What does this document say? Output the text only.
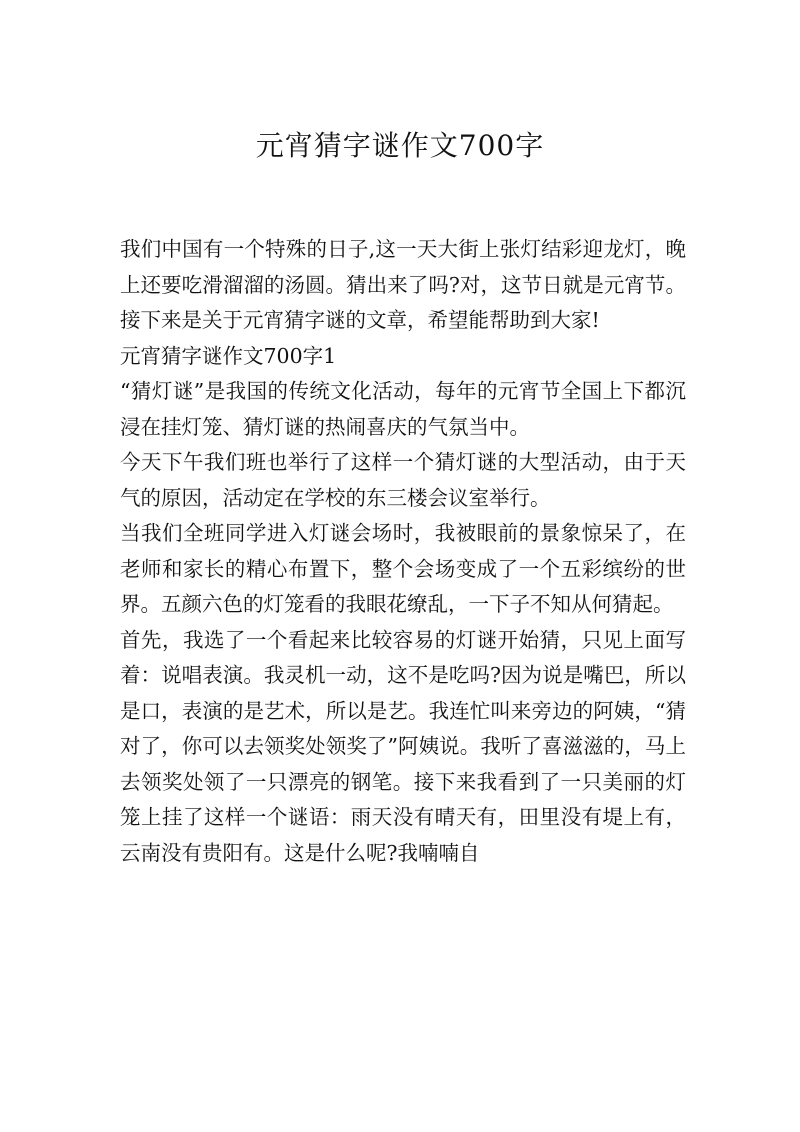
元宵猜字谜作文700字

我们中国有一个特殊的日子,这一天大街上张灯结彩迎龙灯，晚上还要吃滑溜溜的汤圆。猜出来了吗?对，这节日就是元宵节。接下来是关于元宵猜字谜的文章，希望能帮助到大家!

元宵猜字谜作文700字1

“猜灯谜”是我国的传统文化活动，每年的元宵节全国上下都沉浸在挂灯笼、猜灯谜的热闹喜庆的气氛当中。

今天下午我们班也举行了这样一个猜灯谜的大型活动，由于天气的原因，活动定在学校的东三楼会议室举行。

当我们全班同学进入灯谜会场时，我被眼前的景象惊呆了，在老师和家长的精心布置下，整个会场变成了一个五彩缤纷的世界。五颜六色的灯笼看的我眼花缭乱，一下子不知从何猜起。

首先，我选了一个看起来比较容易的灯谜开始猜，只见上面写着：说唱表演。我灵机一动，这不是吃吗?因为说是嘴巴，所以是口，表演的是艺术，所以是艺。我连忙叫来旁边的阿姨，“猜对了，你可以去领奖处领奖了”阿姨说。我听了喜滋滋的，马上去领奖处领了一只漂亮的钢笔。接下来我看到了一只美丽的灯笼上挂了这样一个谜语：雨天没有晴天有，田里没有堤上有，云南没有贵阳有。这是什么呢?我喃喃自
